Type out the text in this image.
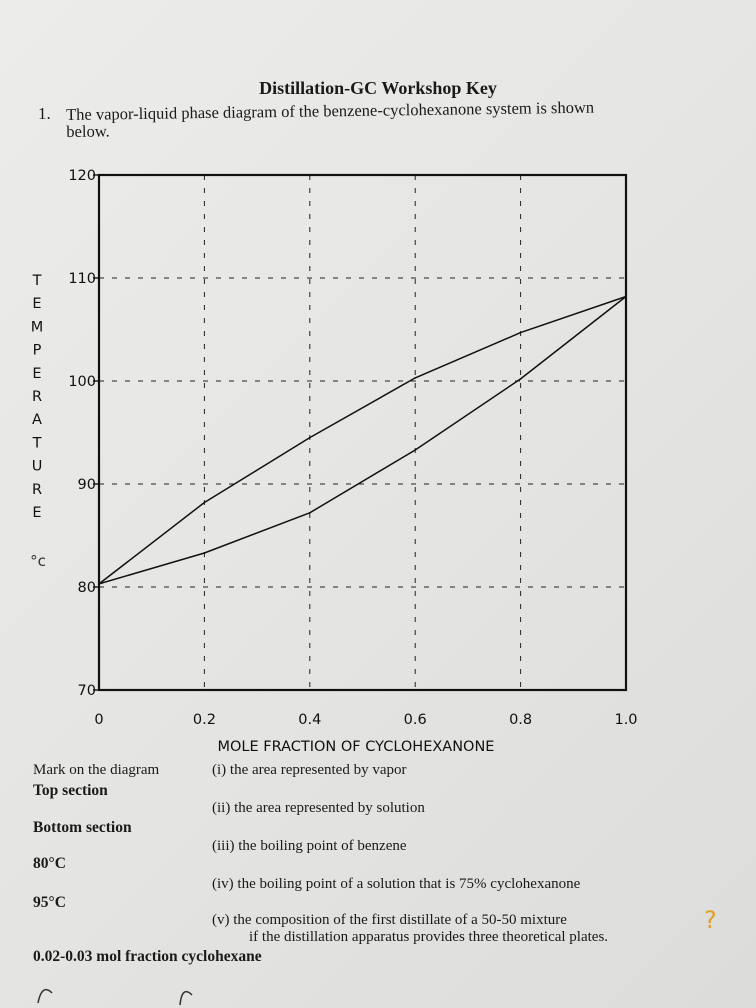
Distillation-GC Workshop Key
1. The vapor-liquid phase diagram of the benzene-cyclohexanone system is shown
below.
0	0.2	0.4	0.6	0.8	1.0
70
80
90
100
110
120
MOLE FRACTION OF CYCLOHEXANONE
T
E
M
P
E
R
A
T
U
R
E
°c
Mark on the diagram	(i) the area represented by vapor
Top section
(ii) the area represented by solution
Bottom section
(iii) the boiling point of benzene
80°C
(iv) the boiling point of a solution that is 75% cyclohexanone
95°C
(v) the composition of the first distillate of a 50-50 mixture
if the distillation apparatus provides three theoretical plates.
0.02-0.03 mol fraction cyclohexane
?
